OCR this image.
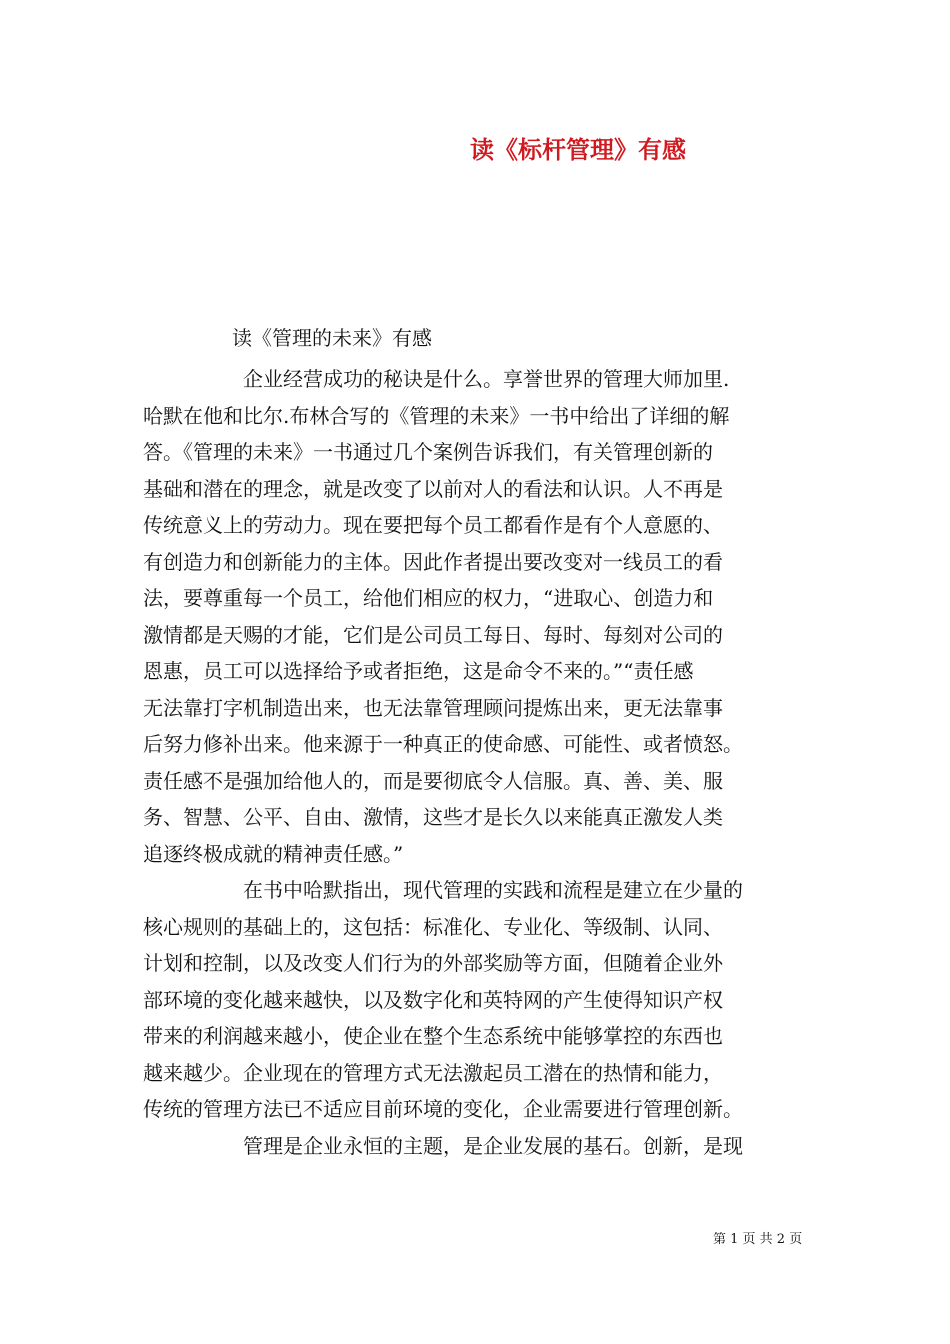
读《标杆管理》有感
读《管理的未来》有感
企业经营成功的秘诀是什么。享誉世界的管理大师加里.
哈默在他和比尔.布林合写的《管理的未来》一书中给出了详细的解
答。《管理的未来》一书通过几个案例告诉我们，有关管理创新的
基础和潜在的理念，就是改变了以前对人的看法和认识。人不再是
传统意义上的劳动力。现在要把每个员工都看作是有个人意愿的、
有创造力和创新能力的主体。因此作者提出要改变对一线员工的看
法，要尊重每一个员工，给他们相应的权力，“进取心、创造力和
激情都是天赐的才能，它们是公司员工每日、每时、每刻对公司的
恩惠，员工可以选择给予或者拒绝，这是命令不来的。”“责任感
无法靠打字机制造出来，也无法靠管理顾问提炼出来，更无法靠事
后努力修补出来。他来源于一种真正的使命感、可能性、或者愤怒。
责任感不是强加给他人的，而是要彻底令人信服。真、善、美、服
务、智慧、公平、自由、激情，这些才是长久以来能真正激发人类
追逐终极成就的精神责任感。”
在书中哈默指出，现代管理的实践和流程是建立在少量的
核心规则的基础上的，这包括：标准化、专业化、等级制、认同、
计划和控制，以及改变人们行为的外部奖励等方面，但随着企业外
部环境的变化越来越快，以及数字化和英特网的产生使得知识产权
带来的利润越来越小，使企业在整个生态系统中能够掌控的东西也
越来越少。企业现在的管理方式无法激起员工潜在的热情和能力，
传统的管理方法已不适应目前环境的变化，企业需要进行管理创新。
管理是企业永恒的主题，是企业发展的基石。创新，是现
第 1 页 共 2 页
